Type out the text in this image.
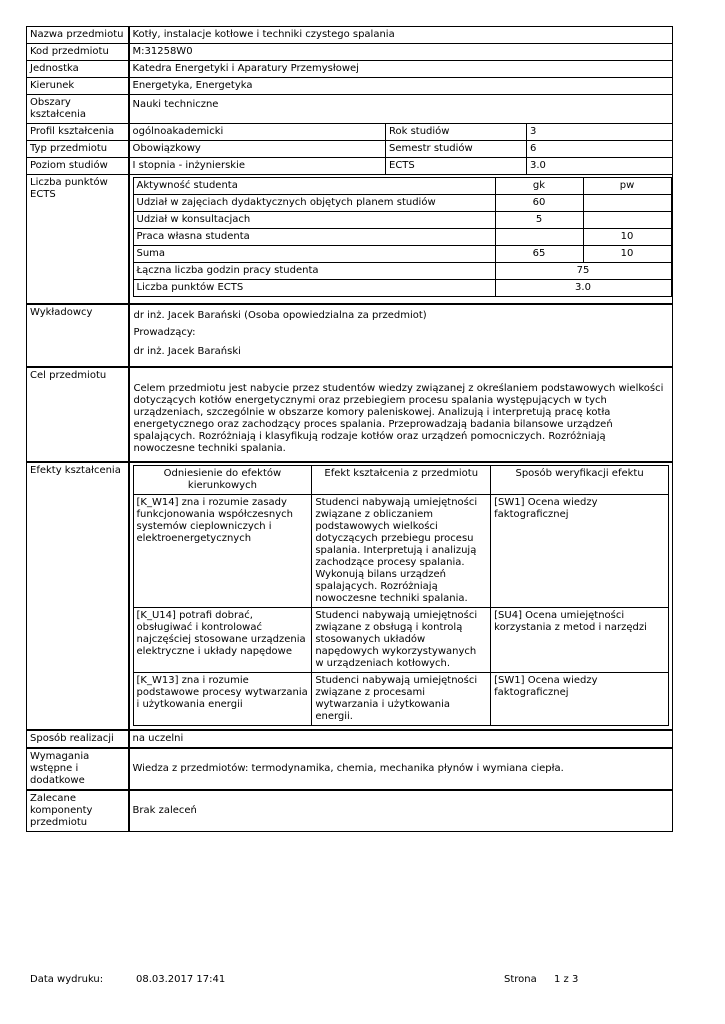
Nazwa przedmiotu	Kotły, instalacje kotłowe i techniki czystego spalania
Kod przedmiotu	M:31258W0
Jednostka	Katedra Energetyki i Aparatury Przemysłowej
Kierunek	Energetyka, Energetyka
Obszary kształcenia	Nauki techniczne
Profil kształcenia	ogólnoakademicki	Rok studiów	3
Typ przedmiotu	Obowiązkowy	Semestr studiów	6
Poziom studiów	I stopnia - inżynierskie	ECTS	3.0
Liczba punktów ECTS	
Aktywność studenta	gk	pw
Udział w zajęciach dydaktycznych objętych planem studiów	60	
Udział w konsultacjach	5	
Praca własna studenta		10
Suma	65	10
Łączna liczba godzin pracy studenta	75
Liczba punktów ECTS	3.0

Wykładowcy	dr inż. Jacek Barański (Osoba opowiedzialna za przedmiot)
Prowadzący:
dr inż. Jacek Barański

Cel przedmiotu	
Celem przedmiotu jest nabycie przez studentów wiedzy związanej z określaniem podstawowych wielkości dotyczących kotłów energetycznymi oraz przebiegiem procesu spalania występujących w tych urządzeniach, szczególnie w obszarze komory paleniskowej. Analizują i interpretują pracę kotła energetycznego oraz zachodzący proces spalania. Przeprowadzają badania bilansowe urządzeń spalających. Rozróżniają i klasyfikują rodzaje kotłów oraz urządzeń pomocniczych. Rozróżniają nowoczesne techniki spalania.

Efekty kształcenia		Odniesienie do efektów kierunkowych	Efekt kształcenia z przedmiotu	Sposób weryfikacji efektu
[K_W14] zna i rozumie zasady funkcjonowania współczesnych systemów cieplowniczych i elektroenergetycznych	Studenci nabywają umiejętności związane z obliczaniem podstawowych wielkości dotyczących przebiegu procesu spalania. Interpretują i analizują zachodzące procesy spalania. Wykonują bilans urządzeń spalających. Rozróżniają nowoczesne techniki spalania.	[SW1] Ocena wiedzy faktograficznej
[K_U14] potrafi dobrać, obsługiwać i kontrolować najczęściej stosowane urządzenia elektryczne i układy napędowe	Studenci nabywają umiejętności związane z obsługą i kontrolą stosowanych układów napędowych wykorzystywanych w urządzeniach kotłowych.	[SU4] Ocena umiejętności korzystania z metod i narzędzi
[K_W13] zna i rozumie podstawowe procesy wytwarzania i użytkowania energii	Studenci nabywają umiejętności związane z procesami wytwarzania i użytkowania energii.	[SW1] Ocena wiedzy faktograficznej

Sposób realizacji	na uczelni
Wymagania wstępne i dodatkowe	Wiedza z przedmiotów: termodynamika, chemia, mechanika płynów i wymiana ciepła.
Zalecane komponenty przedmiotu	Brak zaleceń
Data wydruku:	08.03.2017 17:41	Strona 1 z 3
